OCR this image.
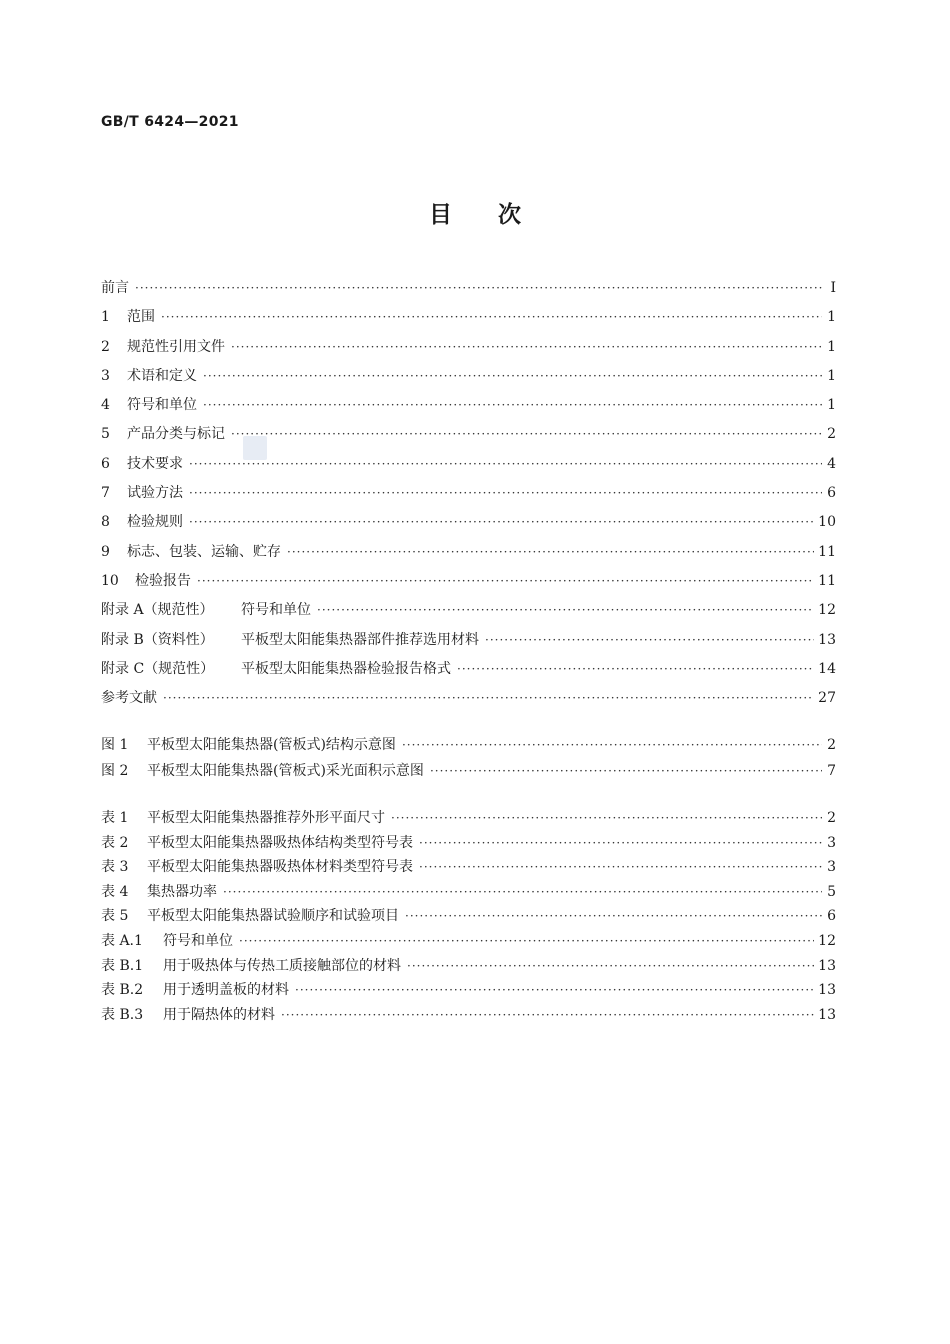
GB/T 6424—2021
目次
前言 ·····	I
1	范围 ·····	1
2	规范性引用文件 ·····	1
3	术语和定义 ·····	1
4	符号和单位 ·····	1
5	产品分类与标记 ·····	2
6	技术要求 ·····	4
7	试验方法 ·····	6
8	检验规则 ·····	10
9	标志、包装、运输、贮存 ·····	11
10	检验报告 ·····	11
附录 A（规范性）	符号和单位 ·····	12
附录 B（资料性）	平板型太阳能集热器部件推荐选用材料 ·····	13
附录 C（规范性）	平板型太阳能集热器检验报告格式 ·····	14
参考文献 ·····	27
图 1	平板型太阳能集热器(管板式)结构示意图 ·····	2
图 2	平板型太阳能集热器(管板式)采光面积示意图 ·····	7
表 1	平板型太阳能集热器推荐外形平面尺寸 ·····	2
表 2	平板型太阳能集热器吸热体结构类型符号表 ·····	3
表 3	平板型太阳能集热器吸热体材料类型符号表 ·····	3
表 4	集热器功率 ·····	5
表 5	平板型太阳能集热器试验顺序和试验项目 ·····	6
表 A.1	符号和单位 ·····	12
表 B.1	用于吸热体与传热工质接触部位的材料 ·····	13
表 B.2	用于透明盖板的材料 ·····	13
表 B.3	用于隔热体的材料 ·····	13
